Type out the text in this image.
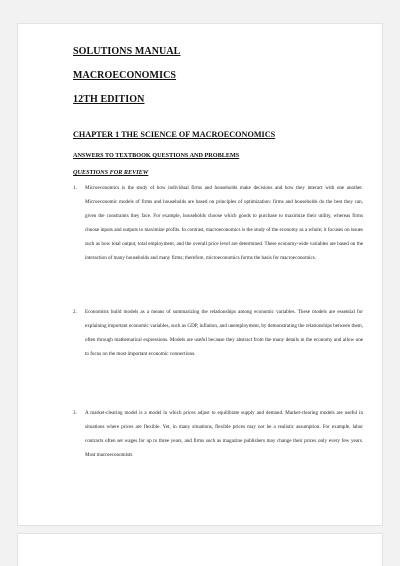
SOLUTIONS MANUAL
MACROECONOMICS
12TH EDITION
CHAPTER 1 THE SCIENCE OF MACROECONOMICS
ANSWERS TO TEXTBOOK QUESTIONS AND PROBLEMS
QUESTIONS FOR REVIEW
1. Microeconomics is the study of how individual firms and households make decisions and how they interact with one another. Microeconomic models of firms and households are based on principles of optimization: firms and households do the best they can, given the constraints they face. For example, households choose which goods to purchase to maximize their utility, whereas firms choose inputs and outputs to maximize profits. In contrast, macroeconomics is the study of the economy as a whole; it focuses on issues such as how total output, total employment, and the overall price level are determined. These economy-wide variables are based on the interaction of many households and many firms; therefore, microeconomics forms the basis for macroeconomics.
2. Economists build models as a means of summarizing the relationships among economic variables. These models are essential for explaining important economic variables, such as GDP, inflation, and unemployment, by demonstrating the relationships between them, often through mathematical expressions. Models are useful because they abstract from the many details in the economy and allow one to focus on the most important economic connections.
3. A market-clearing model is a model in which prices adjust to equilibrate supply and demand. Market-clearing models are useful in situations where prices are flexible. Yet, in many situations, flexible prices may not be a realistic assumption. For example, labor contracts often set wages for up to three years, and firms such as magazine publishers may change their prices only every few years. Most macroeconomists
